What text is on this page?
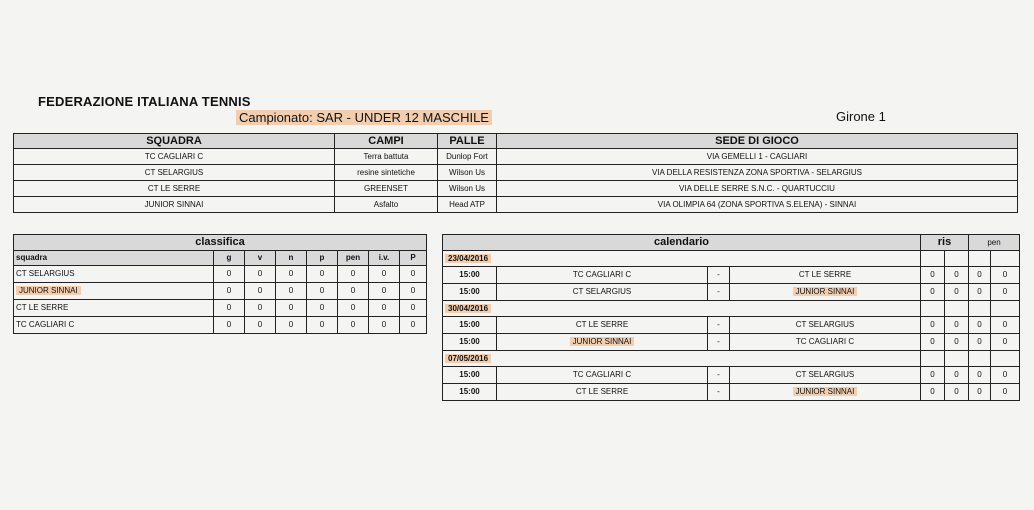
FEDERAZIONE ITALIANA TENNIS
Campionato: SAR - UNDER 12 MASCHILE	Girone 1
SQUADRA	CAMPI	PALLE	SEDE DI GIOCO
TC CAGLIARI C	Terra battuta	Dunlop Fort	VIA GEMELLI 1 - CAGLIARI
CT SELARGIUS	resine sintetiche	Wilson Us	VIA DELLA RESISTENZA ZONA SPORTIVA - SELARGIUS
CT LE SERRE	GREENSET	Wilson Us	VIA DELLE SERRE S.N.C. - QUARTUCCIU
JUNIOR SINNAI	Asfalto	Head ATP	VIA OLIMPIA 64 (ZONA SPORTIVA S.ELENA) - SINNAI
classifica							
squadra	g	v	n	p	pen	i.v.	P
CT SELARGIUS	0	0	0	0	0	0	0
JUNIOR SINNAI	0	0	0	0	0	0	0
CT LE SERRE	0	0	0	0	0	0	0
TC CAGLIARI C	0	0	0	0	0	0	0
calendario				ris		pen	
23/04/2016							
15:00	TC CAGLIARI C	-	CT LE SERRE	0	0	0	0
15:00	CT SELARGIUS	-	JUNIOR SINNAI	0	0	0	0
30/04/2016							
15:00	CT LE SERRE	-	CT SELARGIUS	0	0	0	0
15:00	JUNIOR SINNAI	-	TC CAGLIARI C	0	0	0	0
07/05/2016							
15:00	TC CAGLIARI C	-	CT SELARGIUS	0	0	0	0
15:00	CT LE SERRE	-	JUNIOR SINNAI	0	0	0	0
